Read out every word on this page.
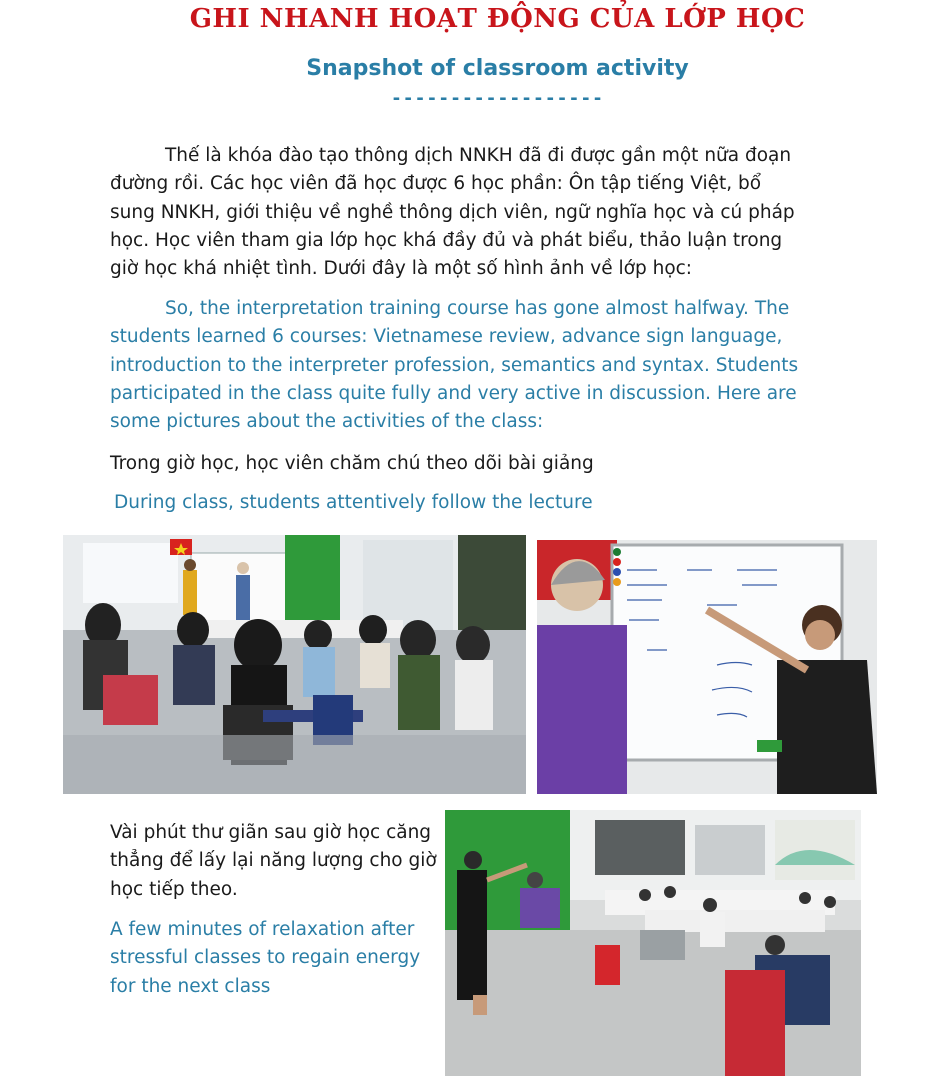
GHI NHANH HOẠT ĐỘNG CỦA LỚP HỌC
Snapshot of classroom activity
------------------

Thế là khóa đào tạo thông dịch NNKH đã đi được gần một nữa đoạn đường rồi. Các học viên đã học được 6 học phần: Ôn tập tiếng Việt, bổ sung NNKH, giới thiệu về nghề thông dịch viên, ngữ nghĩa học và cú pháp học. Học viên tham gia lớp học khá đầy đủ và phát biểu, thảo luận trong giờ học khá nhiệt tình. Dưới đây là một số hình ảnh về lớp học:

So, the interpretation training course has gone almost halfway. The students learned 6 courses: Vietnamese review, advance sign language, introduction to the interpreter profession, semantics and syntax. Students participated in the class quite fully and very active in discussion. Here are some pictures about the activities of the class:

Trong giờ học, học viên chăm chú theo dõi bài giảng

During class, students attentively follow the lecture

Vài phút thư giãn sau giờ học căng thẳng để lấy lại năng lượng cho giờ học tiếp theo.

A few minutes of relaxation after stressful classes to regain energy for the next class
